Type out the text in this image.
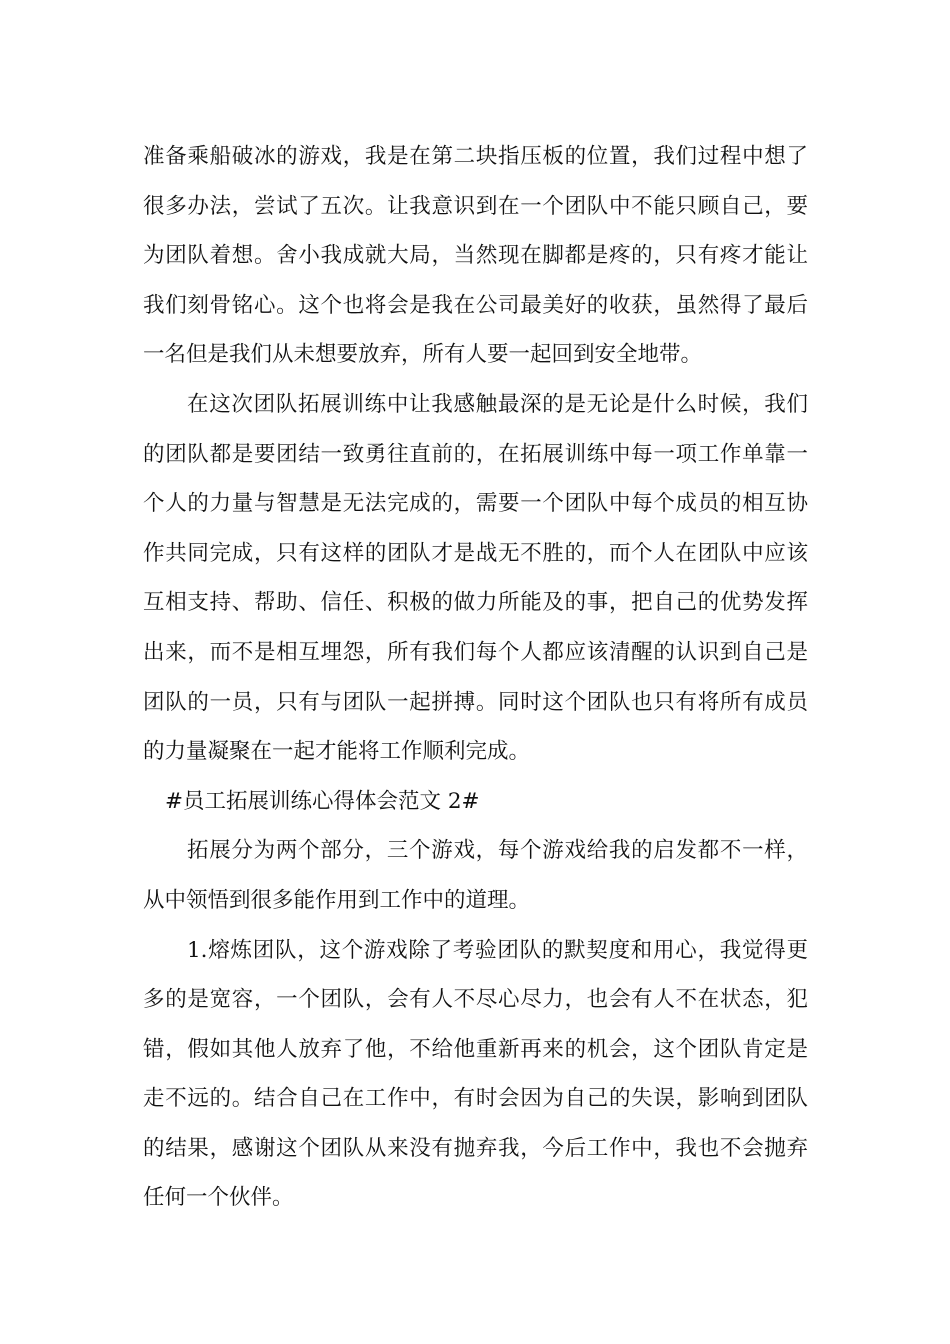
准备乘船破冰的游戏，我是在第二块指压板的位置，我们过程中想了很多办法，尝试了五次。让我意识到在一个团队中不能只顾自己，要为团队着想。舍小我成就大局，当然现在脚都是疼的，只有疼才能让我们刻骨铭心。这个也将会是我在公司最美好的收获，虽然得了最后一名但是我们从未想要放弃，所有人要一起回到安全地带。

在这次团队拓展训练中让我感触最深的是无论是什么时候，我们的团队都是要团结一致勇往直前的，在拓展训练中每一项工作单靠一个人的力量与智慧是无法完成的，需要一个团队中每个成员的相互协作共同完成，只有这样的团队才是战无不胜的，而个人在团队中应该互相支持、帮助、信任、积极的做力所能及的事，把自己的优势发挥出来，而不是相互埋怨，所有我们每个人都应该清醒的认识到自己是团队的一员，只有与团队一起拼搏。同时这个团队也只有将所有成员的力量凝聚在一起才能将工作顺利完成。

#员工拓展训练心得体会范文 2#

拓展分为两个部分，三个游戏，每个游戏给我的启发都不一样，从中领悟到很多能作用到工作中的道理。

1.熔炼团队，这个游戏除了考验团队的默契度和用心，我觉得更多的是宽容，一个团队，会有人不尽心尽力，也会有人不在状态，犯错，假如其他人放弃了他，不给他重新再来的机会，这个团队肯定是走不远的。结合自己在工作中，有时会因为自己的失误，影响到团队的结果，感谢这个团队从来没有抛弃我，今后工作中，我也不会抛弃任何一个伙伴。
